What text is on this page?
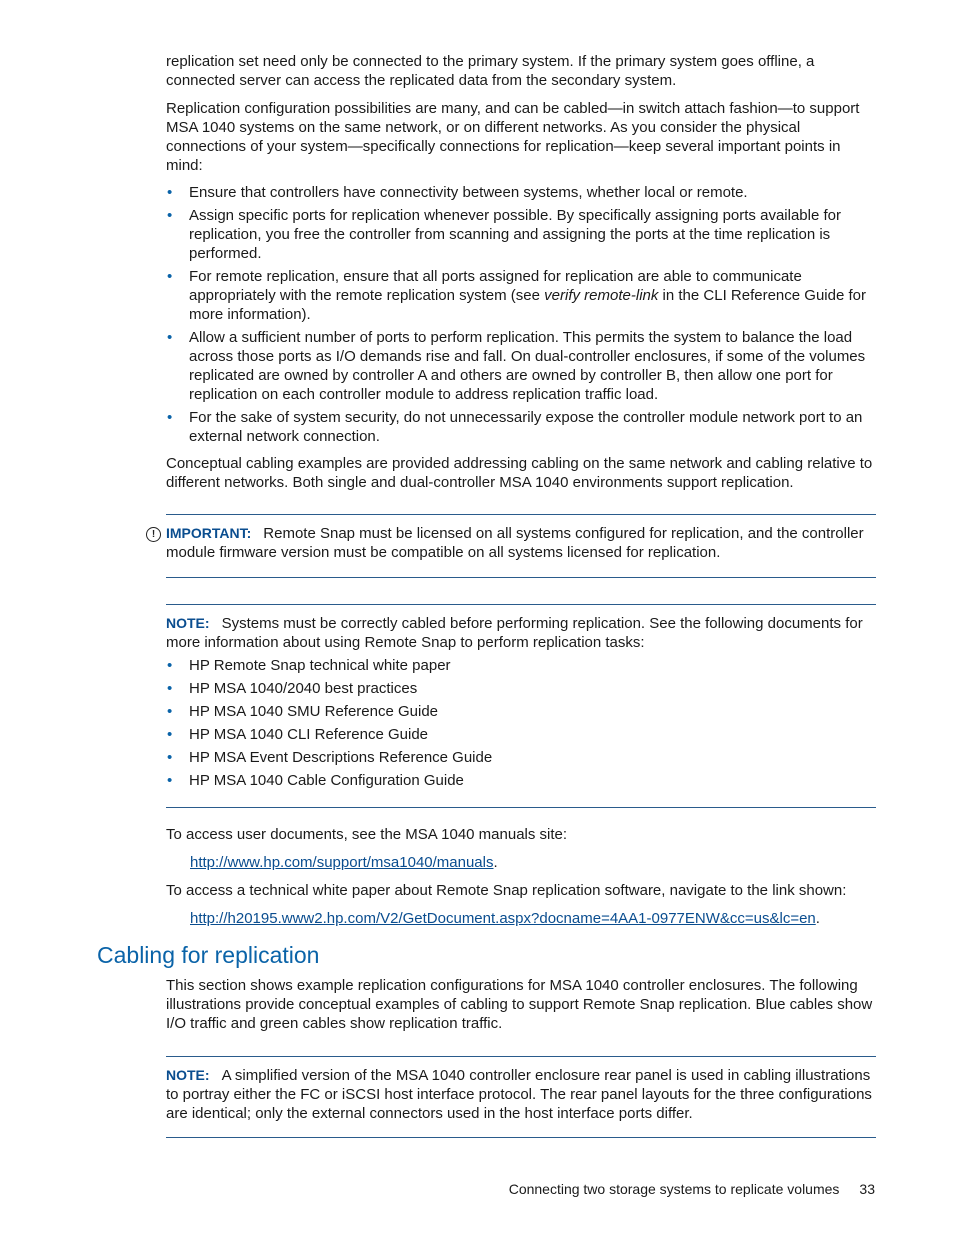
replication set need only be connected to the primary system. If the primary system goes offline, a connected server can access the replicated data from the secondary system.

Replication configuration possibilities are many, and can be cabled—in switch attach fashion—to support MSA 1040 systems on the same network, or on different networks. As you consider the physical connections of your system—specifically connections for replication—keep several important points in mind:

• Ensure that controllers have connectivity between systems, whether local or remote.
• Assign specific ports for replication whenever possible. By specifically assigning ports available for replication, you free the controller from scanning and assigning the ports at the time replication is performed.
• For remote replication, ensure that all ports assigned for replication are able to communicate appropriately with the remote replication system (see verify remote-link in the CLI Reference Guide for more information).
• Allow a sufficient number of ports to perform replication. This permits the system to balance the load across those ports as I/O demands rise and fall. On dual-controller enclosures, if some of the volumes replicated are owned by controller A and others are owned by controller B, then allow one port for replication on each controller module to address replication traffic load.
• For the sake of system security, do not unnecessarily expose the controller module network port to an external network connection.

Conceptual cabling examples are provided addressing cabling on the same network and cabling relative to different networks. Both single and dual-controller MSA 1040 environments support replication.

IMPORTANT: Remote Snap must be licensed on all systems configured for replication, and the controller module firmware version must be compatible on all systems licensed for replication.

!

NOTE: Systems must be correctly cabled before performing replication. See the following documents for more information about using Remote Snap to perform replication tasks:

• HP Remote Snap technical white paper
• HP MSA 1040/2040 best practices
• HP MSA 1040 SMU Reference Guide
• HP MSA 1040 CLI Reference Guide
• HP MSA Event Descriptions Reference Guide
• HP MSA 1040 Cable Configuration Guide

To access user documents, see the MSA 1040 manuals site:

http://www.hp.com/support/msa1040/manuals.

To access a technical white paper about Remote Snap replication software, navigate to the link shown:

http://h20195.www2.hp.com/V2/GetDocument.aspx?docname=4AA1-0977ENW&cc=us&lc=en.

Cabling for replication

This section shows example replication configurations for MSA 1040 controller enclosures. The following illustrations provide conceptual examples of cabling to support Remote Snap replication. Blue cables show I/O traffic and green cables show replication traffic.

NOTE: A simplified version of the MSA 1040 controller enclosure rear panel is used in cabling illustrations to portray either the FC or iSCSI host interface protocol. The rear panel layouts for the three configurations are identical; only the external connectors used in the host interface ports differ.

Connecting two storage systems to replicate volumes 33
